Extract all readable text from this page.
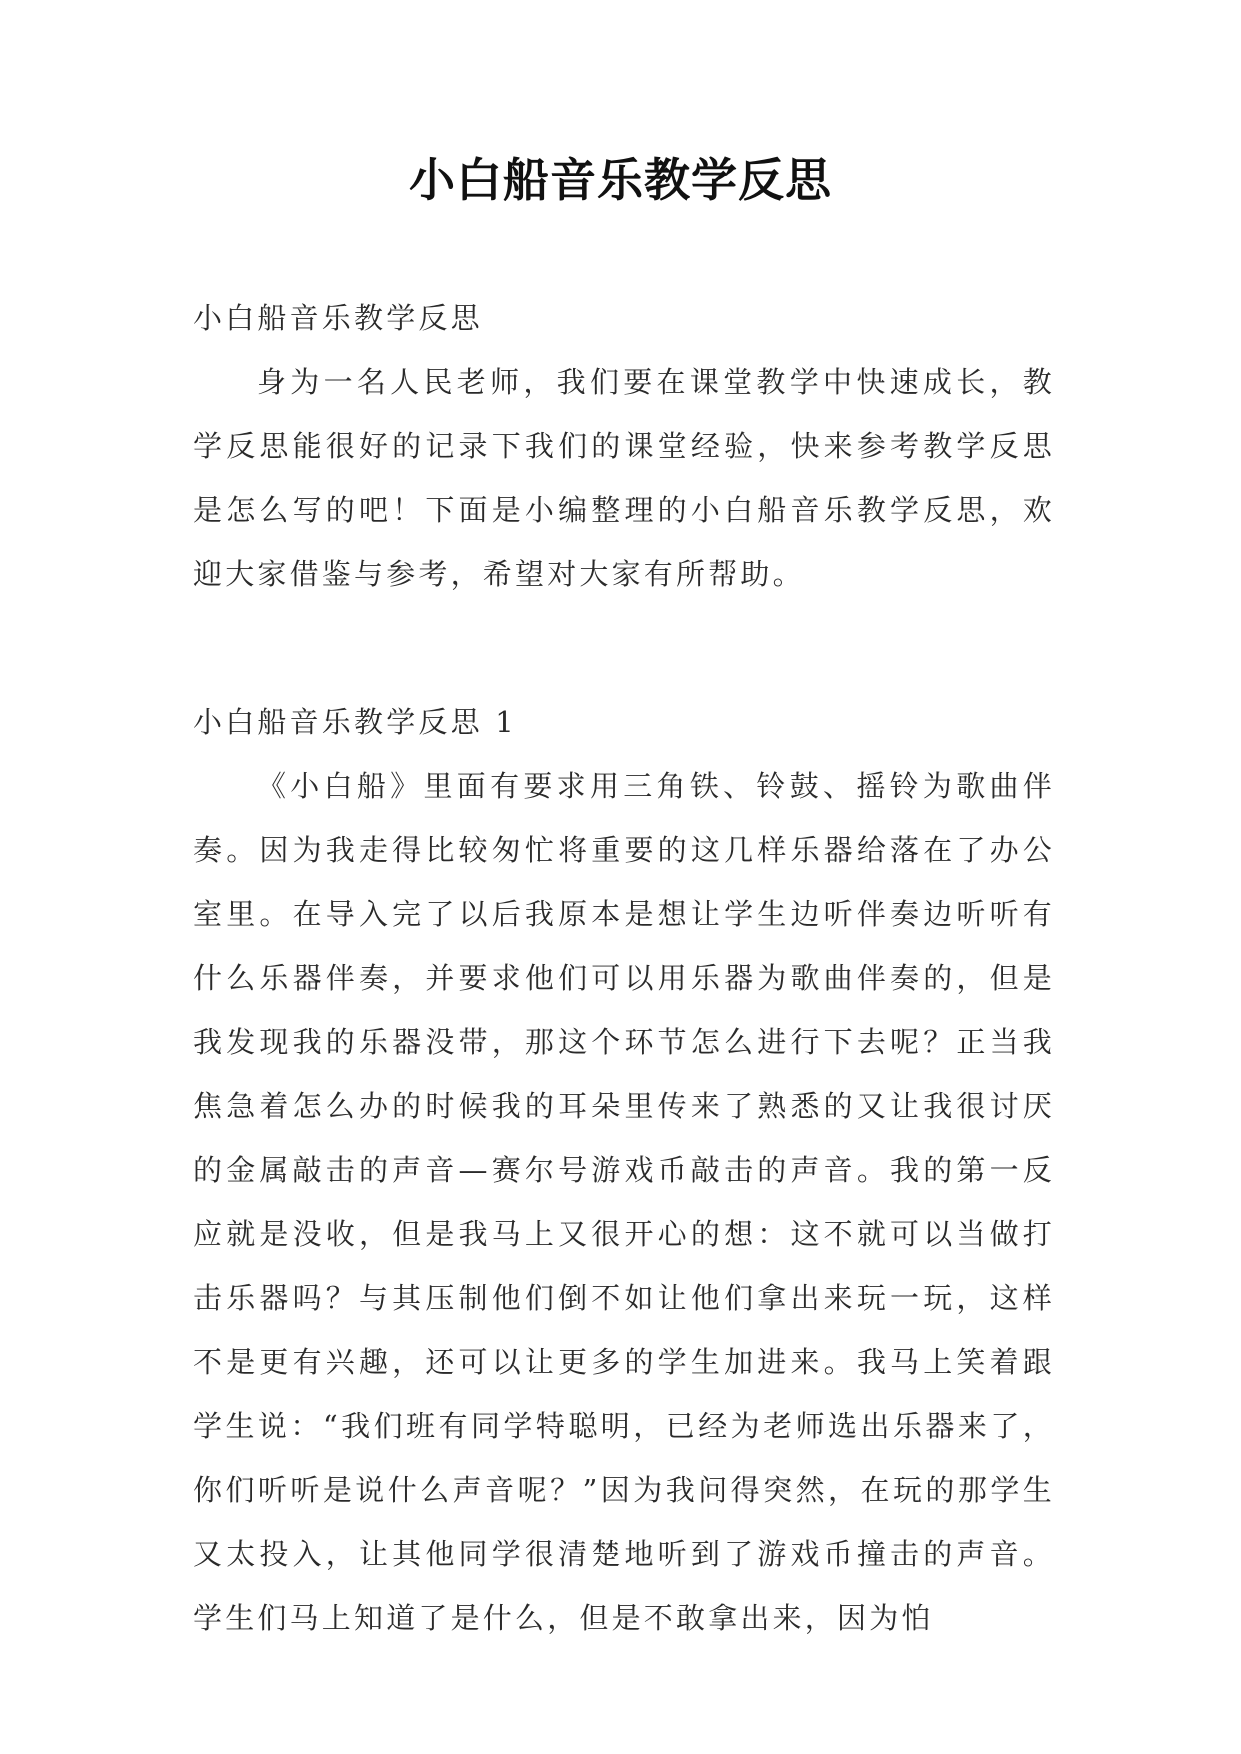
小白船音乐教学反思

小白船音乐教学反思

身为一名人民老师，我们要在课堂教学中快速成长，教学反思能很好的记录下我们的课堂经验，快来参考教学反思是怎么写的吧！下面是小编整理的小白船音乐教学反思，欢迎大家借鉴与参考，希望对大家有所帮助。

小白船音乐教学反思 1

《小白船》里面有要求用三角铁、铃鼓、摇铃为歌曲伴奏。因为我走得比较匆忙将重要的这几样乐器给落在了办公室里。在导入完了以后我原本是想让学生边听伴奏边听听有什么乐器伴奏，并要求他们可以用乐器为歌曲伴奏的，但是我发现我的乐器没带，那这个环节怎么进行下去呢？正当我焦急着怎么办的时候我的耳朵里传来了熟悉的又让我很讨厌的金属敲击的声音—赛尔号游戏币敲击的声音。我的第一反应就是没收，但是我马上又很开心的想：这不就可以当做打击乐器吗？与其压制他们倒不如让他们拿出来玩一玩，这样不是更有兴趣，还可以让更多的学生加进来。我马上笑着跟学生说：“我们班有同学特聪明，已经为老师选出乐器来了，你们听听是说什么声音呢？”因为我问得突然，在玩的那学生又太投入，让其他同学很清楚地听到了游戏币撞击的声音。学生们马上知道了是什么，但是不敢拿出来，因为怕
